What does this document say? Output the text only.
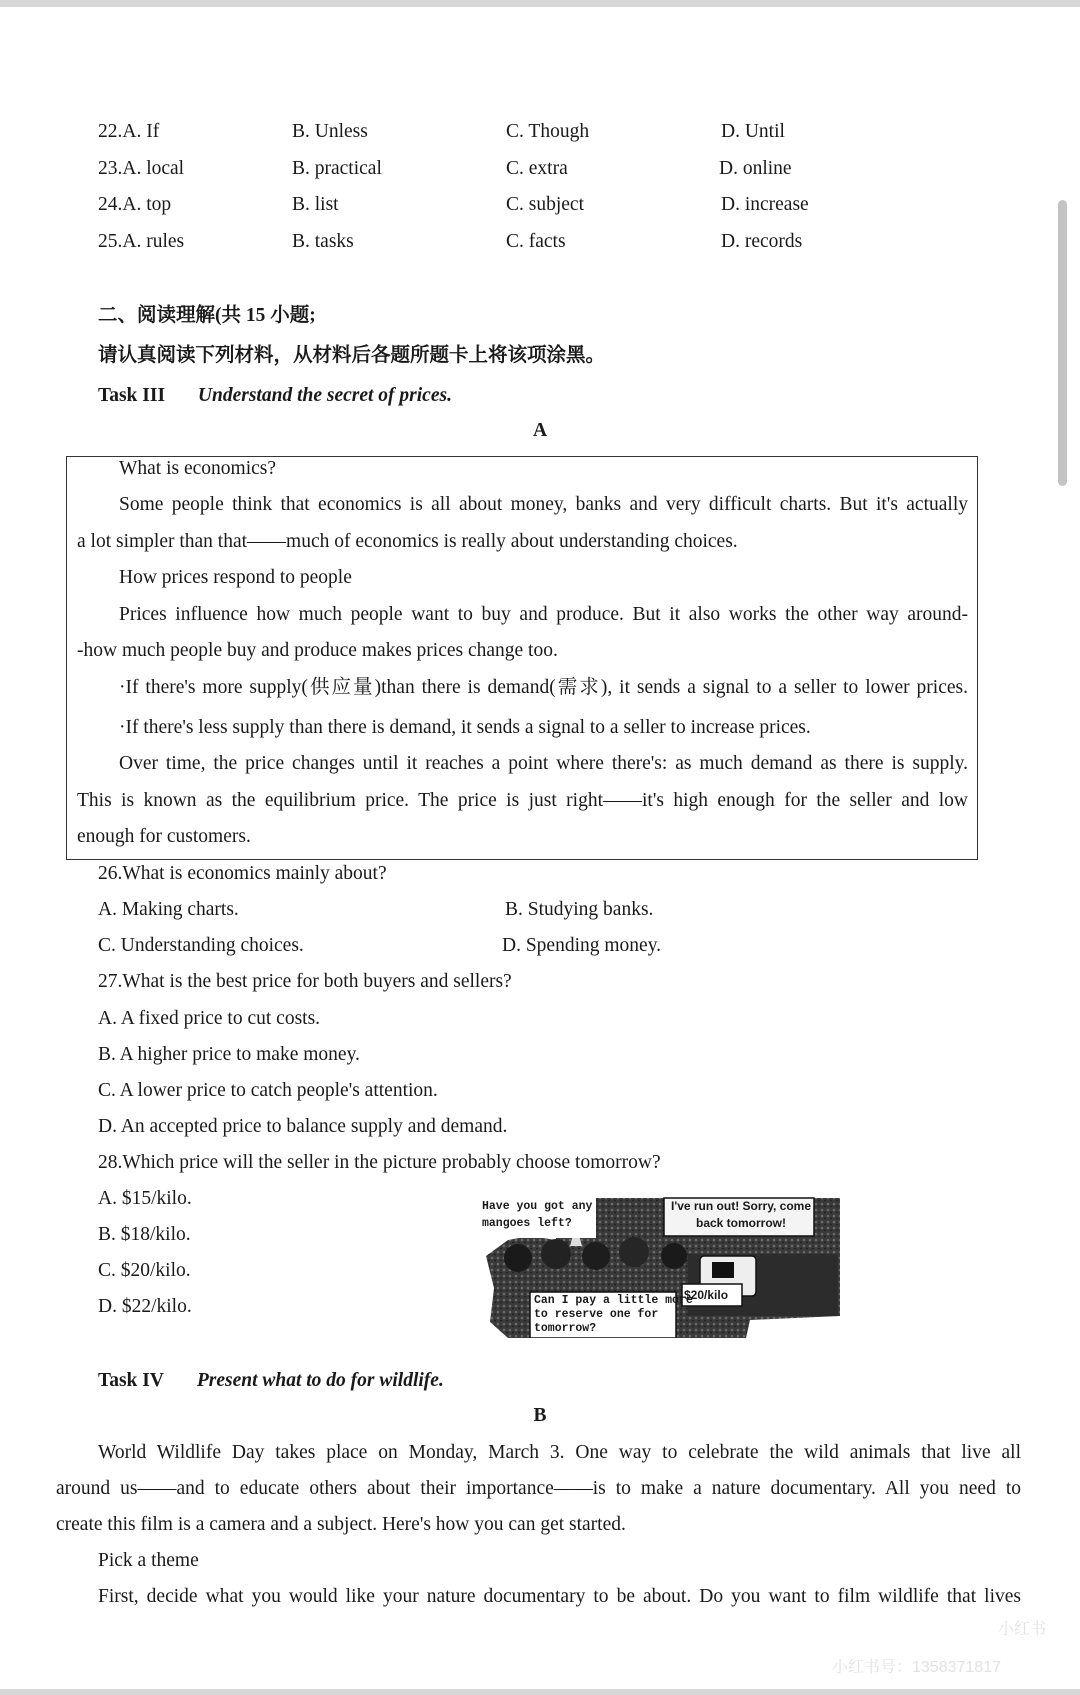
22.A. If	B. Unless	C. Though	D. Until
23.A. local	B. practical	C. extra	D. online
24.A. top	B. list	C. subject	D. increase
25.A. rules	B. tasks	C. facts	D. records
二、阅读理解(共 15 小题;
请认真阅读下列材料，从材料后各题所题卡上将该项涂黑。
Task III Understand the secret of prices.
A
What is economics?
Some people think that economics is all about money, banks and very difficult charts. But it's actually
a lot simpler than that——much of economics is really about understanding choices.
How prices respond to people
Prices influence how much people want to buy and produce. But it also works the other way around-
-how much people buy and produce makes prices change too.
·If there's more supply(供应量)than there is demand(需求), it sends a signal to a seller to lower prices.
·If there's less supply than there is demand, it sends a signal to a seller to increase prices.
Over time, the price changes until it reaches a point where there's: as much demand as there is supply.
This is known as the equilibrium price. The price is just right——it's high enough for the seller and low
enough for customers.
26.What is economics mainly about?
A. Making charts.	B. Studying banks.
C. Understanding choices.	D. Spending money.
27.What is the best price for both buyers and sellers?
A. A fixed price to cut costs.
B. A higher price to make money.
C. A lower price to catch people's attention.
D. An accepted price to balance supply and demand.
28.Which price will the seller in the picture probably choose tomorrow?
A. $15/kilo.
B. $18/kilo.
C. $20/kilo.
D. $22/kilo.
Have you got any
mangoes left?
I've run out! Sorry, come
back tomorrow!
Can I pay a little more
to reserve one for
tomorrow?
$20/kilo
Task IV Present what to do for wildlife.
B
World Wildlife Day takes place on Monday, March 3. One way to celebrate the wild animals that live all
around us——and to educate others about their importance——is to make a nature documentary. All you need to
create this film is a camera and a subject. Here's how you can get started.
Pick a theme
First, decide what you would like your nature documentary to be about. Do you want to film wildlife that lives
小红书
小红书号：1358371817
